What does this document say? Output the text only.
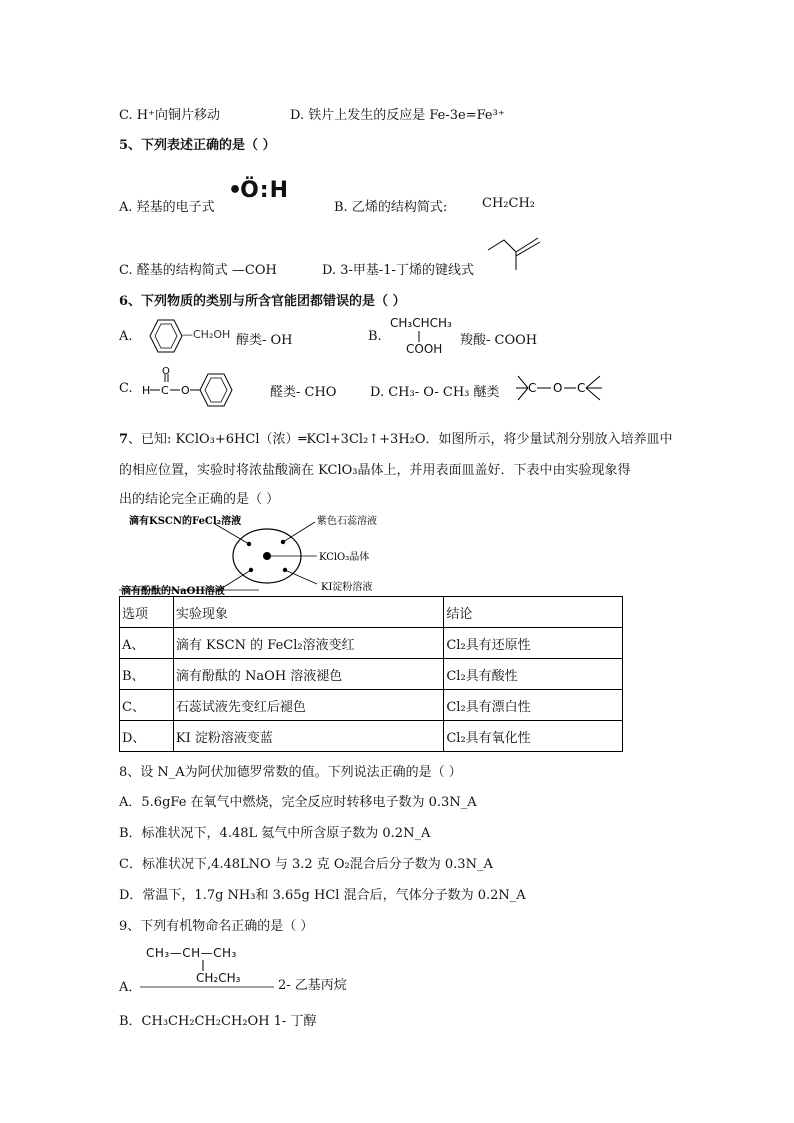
C. H⁺向铜片移动	D. 铁片上发生的反应是 Fe-3e=Fe³⁺
5、下列表述正确的是（ ）
A. 羟基的电子式
•Ö:H
B. 乙烯的结构简式:	CH₂CH₂
C. 醛基的结构简式 —COH	D. 3-甲基-1-丁烯的键线式
6、下列物质的类别与所含官能团都错误的是（ ）
A.	—CH₂OH 醇类- OH	B.
CH₃CHCH₃
COOH
羧酸- COOH
C. H C
O
O	醛类- CHO	D. CH₃- O- CH₃ 醚类 C O C
7、已知: KClO₃+6HCl（浓）═KCl+3Cl₂↑+3H₂O．如图所示，将少量试剂分别放入培养皿中
的相应位置，实验时将浓盐酸滴在 KClO₃晶体上，并用表面皿盖好．下表中由实验现象得
出的结论完全正确的是（ ）
滴有KSCN的FeCl₂溶液	紫色石蕊溶液
KClO₃晶体
KI淀粉溶液
滴有酚酞的NaOH溶液
选项	实验现象	结论
A、	滴有 KSCN 的 FeCl₂溶液变红	Cl₂具有还原性
B、	滴有酚酞的 NaOH 溶液褪色	Cl₂具有酸性
C、	石蕊试液先变红后褪色	Cl₂具有漂白性
D、	KI 淀粉溶液变蓝	Cl₂具有氧化性
8、设 N_A为阿伏加德罗常数的值。下列说法正确的是（ ）
A．5.6gFe 在氧气中燃烧，完全反应时转移电子数为 0.3N_A
B．标准状况下，4.48L 氦气中所含原子数为 0.2N_A
C．标准状况下,4.48LNO 与 3.2 克 O₂混合后分子数为 0.3N_A
D．常温下，1.7g NH₃和 3.65g HCl 混合后，气体分子数为 0.2N_A
9、下列有机物命名正确的是（ ）
CH₃—CH—CH₃
CH₂CH₃
A．	2- 乙基丙烷
B．CH₃CH₂CH₂CH₂OH 1- 丁醇
